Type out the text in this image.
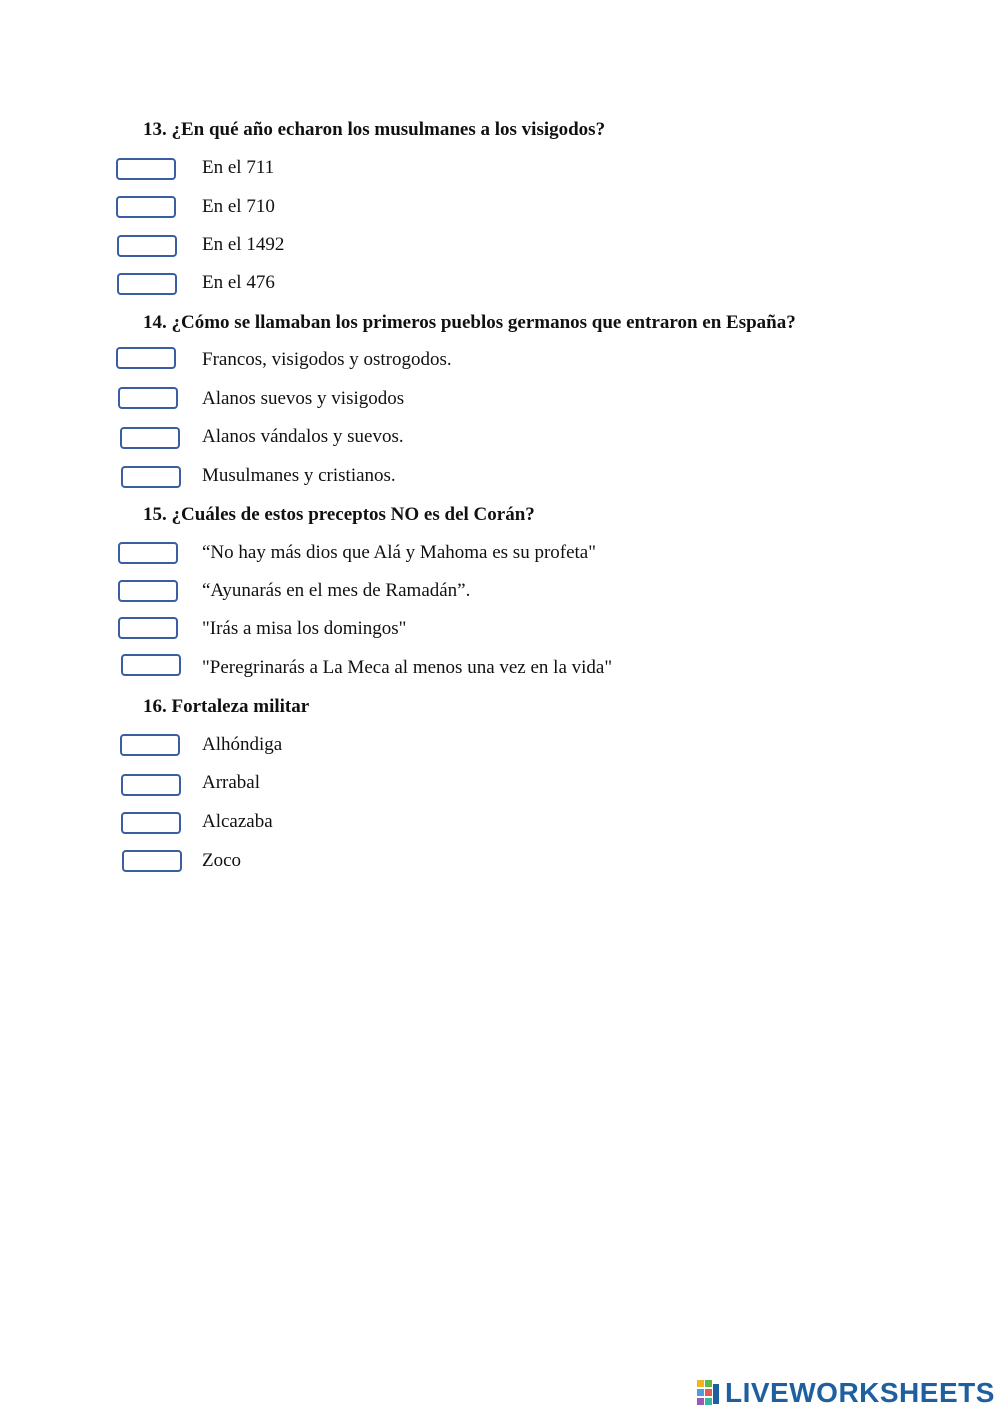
13. ¿En qué año echaron los musulmanes a los visigodos?
En el 711
En el 710
En el 1492
En el 476
14. ¿Cómo se llamaban los primeros pueblos germanos que entraron en España?
Francos, visigodos y ostrogodos.
Alanos suevos y visigodos
Alanos vándalos y suevos.
Musulmanes y cristianos.
15. ¿Cuáles de estos preceptos NO es del Corán?
“No hay más dios que Alá y Mahoma es su profeta"
“Ayunarás en el mes de Ramadán”.
"Irás a misa los domingos"
"Peregrinarás a La Meca al menos una vez en la vida"
16. Fortaleza militar
Alhóndiga
Arrabal
Alcazaba
Zoco
LIVEWORKSHEETS
